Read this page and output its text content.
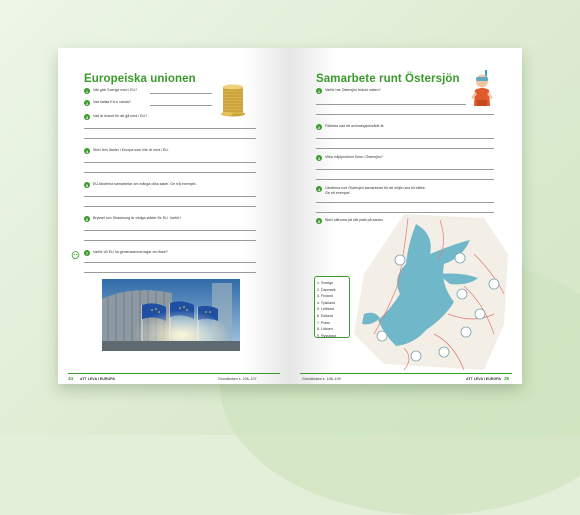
Europeiska unionen
1	När gick Sverige med i EU?
2	Vad kallas EU:s valuta?
3	Vad är kravet för att gå med i EU?
4	Skriv fem länder i Europa som inte är med i EU.
5	EU-länderna samarbetar om många olika saker. Ge två exempel.
6	Bryssel och Strasbourg är viktiga städer för EU. Varför?
7	Varför vill EU ha gemensamma lagar om fiske?
34 ATT LEVA I EUROPA	Grundboken s. 106–107
Samarbete runt Östersjön
1	Varför har Östersjön bräckt vatten?
2	Förklara vad ett avrinningsområde är.
3	Vilka miljöproblem finns i Östersjön?
4	Länderna runt Östersjön samarbetar för att miljön ska bli bättre.
Ge ett exempel.
5	Skriv siffrorna på rätt plats på kartan.
1. Sverige
2. Danmark
3. Finland
4. Tyskland
5. Lettland
6. Estland
7. Polen
8. Litauen
9. Ryssland
Grundboken s. 108–109	ATT LEVA I EUROPA 35
